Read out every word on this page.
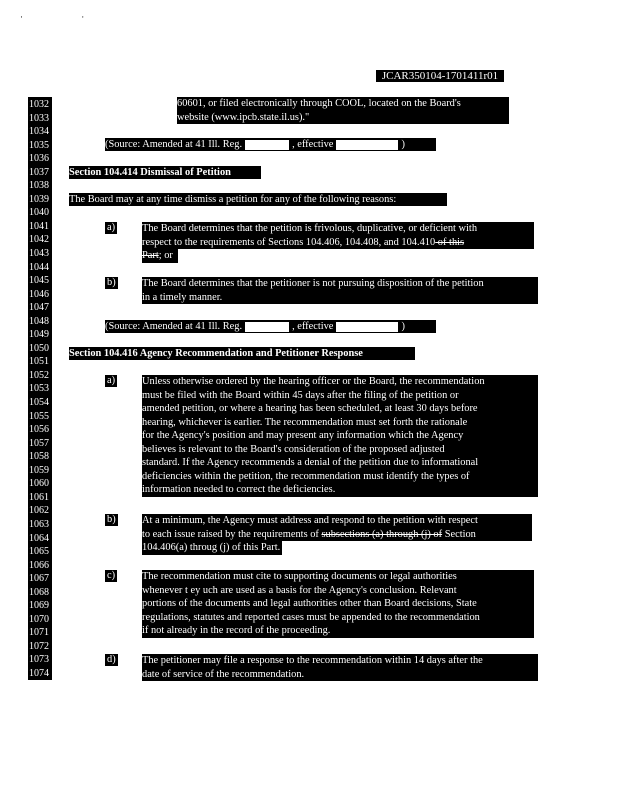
· ·
JCAR350104-1701411r01
1032
1033
1034
1035
1036
1037
1038
1039
1040
1041
1042
1043
1044
1045
1046
1047
1048
1049
1050
1051
1052
1053
1054
1055
1056
1057
1058
1059
1060
1061
1062
1063
1064
1065
1066
1067
1068
1069
1070
1071
1072
1073
1074

60601, or filed electronically through COOL, located on the Board's

website (www.ipcb.state.il.us)."

(Source: Amended at 41 Ill. Reg.	, effective	)

Section 104.414 Dismissal of Petition
The Board may at any time dismiss a petition for any of the following reasons:
a)	The Board determines that the petition is frivolous, duplicative, or deficient with

respect to the requirements of Sections 104.406, 104.408, and 104.410 of this

Part; or

b)	The Board determines that the petitioner is not pursuing disposition of the petition

in a timely manner.

(Source: Amended at 41 Ill. Reg.	, effective	)

Section 104.416 Agency Recommendation and Petitioner Response
a)	Unless otherwise ordered by the hearing officer or the Board, the recommendation

must be filed with the Board within 45 days after the filing of the petition or

amended petition, or where a hearing has been scheduled, at least 30 days before

hearing, whichever is earlier. The recommendation must set forth the rationale

for the Agency's position and may present any information which the Agency

believes is relevant to the Board's consideration of the proposed adjusted

standard. If the Agency recommends a denial of the petition due to informational

deficiencies within the petition, the recommendation must identify the types of

information needed to correct the deficiencies.

b)	At a minimum, the Agency must address and respond to the petition with respect

to each issue raised by the requirements of subsections (a) through (j) of Section

104.406(a) throug (j) of this Part.

c)	The recommendation must cite to supporting documents or legal authorities

whenever t ey uch are used as a basis for the Agency's conclusion. Relevant

portions of the documents and legal authorities other than Board decisions, State

regulations, statutes and reported cases must be appended to the recommendation

if not already in the record of the proceeding.

d)	The petitioner may file a response to the recommendation within 14 days after the

date of service of the recommendation.
